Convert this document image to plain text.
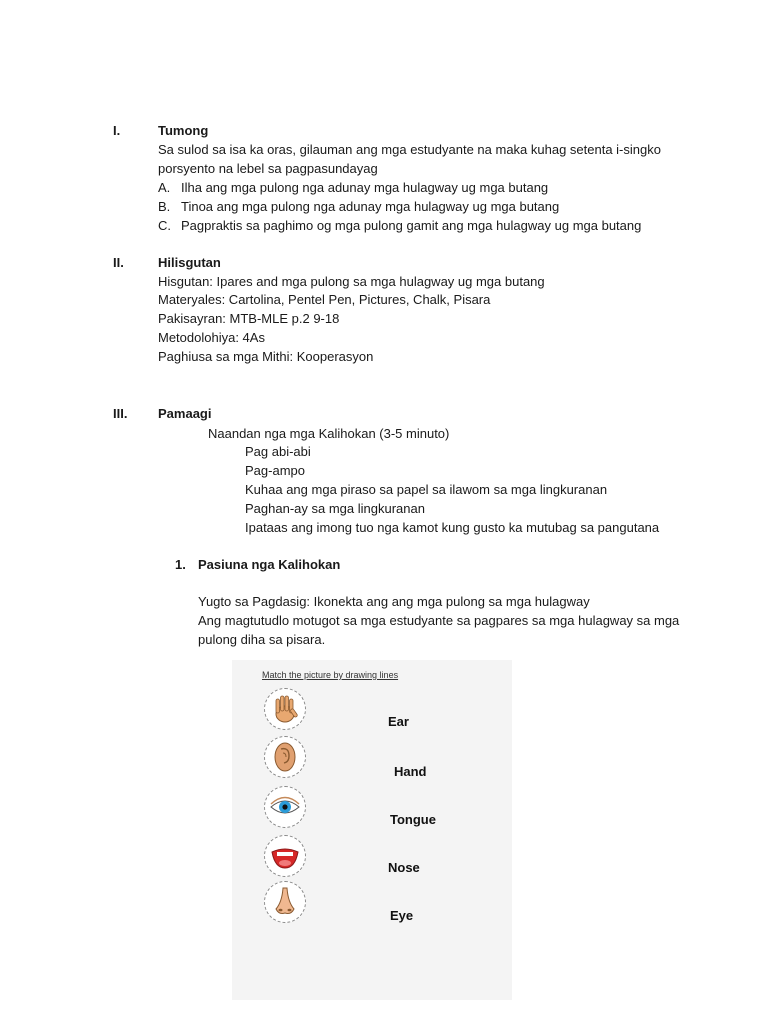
I.	Tumong
Sa sulod sa isa ka oras, gilauman ang mga estudyante na maka kuhag setenta i-singko
porsyento na lebel sa pagpasundayag
A. Ilha ang mga pulong nga adunay mga hulagway ug mga butang
B. Tinoa ang mga pulong nga adunay mga hulagway ug mga butang
C. Pagpraktis sa paghimo og mga pulong gamit ang mga hulagway ug mga butang
II.	Hilisgutan
Hisgutan: Ipares and mga pulong sa mga hulagway ug mga butang
Materyales: Cartolina, Pentel Pen, Pictures, Chalk, Pisara
Pakisayran: MTB-MLE p.2 9-18
Metodolohiya: 4As
Paghiusa sa mga Mithi: Kooperasyon
III. Pamaagi
Naandan nga mga Kalihokan (3-5 minuto)
Pag abi-abi
Pag-ampo
Kuhaa ang mga piraso sa papel sa ilawom sa mga lingkuranan
Paghan-ay sa mga lingkuranan
Ipataas ang imong tuo nga kamot kung gusto ka mutubag sa pangutana
1. Pasiuna nga Kalihokan
Yugto sa Pagdasig: Ikonekta ang ang mga pulong sa mga hulagway
Ang magtutudlo motugot sa mga estudyante sa pagpares sa mga hulagway sa mga
pulong diha sa pisara.
Match the picture by drawing lines
Ear
Hand
Tongue
Nose
Eye
